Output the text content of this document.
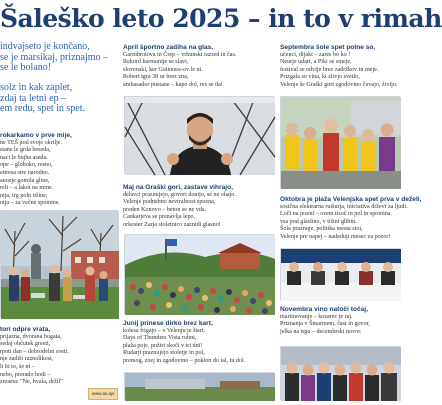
Šaleško leto 2025 – in to v rimah
indvajseto je končano,
se je marsikaj, priznajmo –
se le bolano!
solz in kak zaplet,
zdaj ta letni ep –
em redu, spet in spet.
rokarkamo v prve mije,
ne TEŠ pod svoje okrilje.
stane le grda beseda,
naci le bujha aseda.
ope – globoko, resno,
ettresa stre narodno.
anozje gomila gline,
reli – a lakot ne mine.
nija, trg poln tišine,
nija – za večne spomine.
tori odpre vrata,
prijazna, dvorana bogata,
sedaj občutek greeti,
rpoti dan – dobrodelni sveti.
nje zadiši raznolikost,
li bi to, še ni –
nebo, prerado hodi –
znosna: "Ne, hvala, držil"
www.as.ajs
April športno zadiha na glas,
Garmbrotova in Črep – vrhunski razred in čas.
Rekord harmonije se slavi,
slovenski, ker Guinness-ov le ni.
Robert igra 38 ur brez zna,
ambasador pustane – kapo dol, res se da!
Maj na Graški gori, zastave vihrajo,
delavci praznujejo, govori donijo, se ne ohajo.
Velenje podnebno nevtralnost spozna,
preden Konovo – beton se ne vda.
Cankarjeva se prenavlja lepo,
orkester Zarja stoletnico zaznidi glasno!
Junij prinese dirko brez kart,
kolesa frigajo – v Velenju je štart.
Days of Thunders Vista rohni,
plaža poje, požiri skoči v tri dni!
Rudarji praznujejo stoletje in pol,
premog, zoej in zgodovino – poklon do tal, tu dol.
Septembra šole spet polne so,
učenci, dijaki – zares bo ko !
Neurje udari, a Piki se smeje,
festival se odvije brez zadržkov in meje.
Prizgala so vina, ki zlivjo svetlo,
Velenje še Graški gori zgodovino čuvajo, živijo.
Oktobra je plaža Velenjska spet prva v deželi,
sosična elektrarna ruišurja, iniciativa drževi za ljudi.
Loči na jeseni – ozem tisoč in pol in spomina
vsa pod glaslino, v tišini glibin.
Šola praznuje, politika mesta stoi,
Velenje pre napej – nadeduji mesec za pozor!
Novembra vino natoči točaj,
martinovanje – kozarec je raj.
Priznanja v Šmartnem, čast in govor,
jelka na trgu – decembrski novor.
